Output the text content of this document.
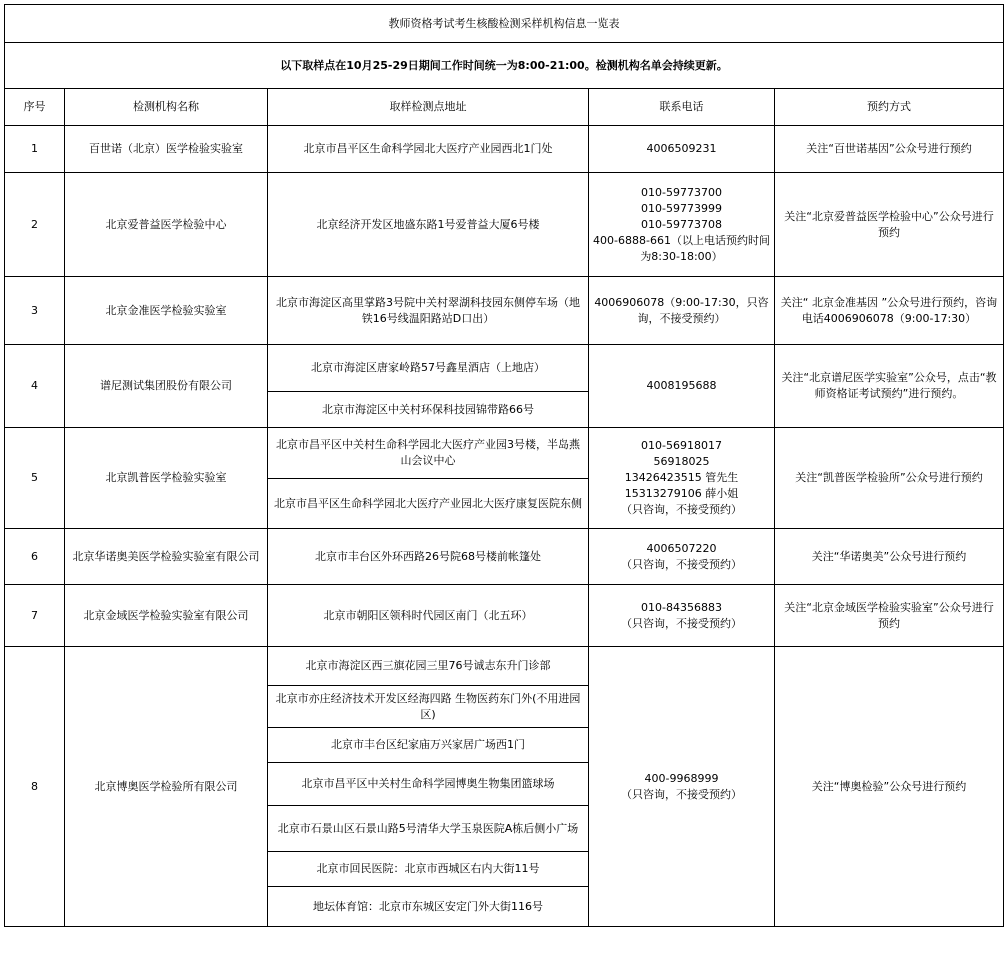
教师资格考试考生核酸检测采样机构信息一览表				
以下取样点在10月25-29日期间工作时间统一为8:00-21:00。检测机构名单会持续更新。				
序号	检测机构名称	取样检测点地址	联系电话	预约方式
1	百世诺（北京）医学检验实验室	北京市昌平区生命科学园北大医疗产业园西北1门处	4006509231	关注“百世诺基因”公众号进行预约
2	北京爱普益医学检验中心	北京经济开发区地盛东路1号爱普益大厦6号楼	010-59773700
010-59773999
010-59773708
400-6888-661（以上电话预约时间为8:30-18:00）	关注“北京爱普益医学检验中心”公众号进行预约
3	北京金准医学检验实验室	北京市海淀区高里掌路3号院中关村翠湖科技园东侧停车场（地铁16号线温阳路站D口出）	4006906078（9:00-17:30，只咨询，不接受预约）	关注“ 北京金准基因 ”公众号进行预约，咨询电话4006906078（9:00-17:30）
4	谱尼测试集团股份有限公司	北京市海淀区唐家岭路57号鑫星酒店（上地店）	4008195688	关注“北京谱尼医学实验室”公众号，点击“教师资格证考试预约”进行预约。
		北京市海淀区中关村环保科技园锦带路66号		
5	北京凯普医学检验实验室	北京市昌平区中关村生命科学园北大医疗产业园3号楼，半岛燕山会议中心	010-56918017
56918025
13426423515 管先生
15313279106 薛小姐
（只咨询，不接受预约）	关注“凯普医学检验所”公众号进行预约
		北京市昌平区生命科学园北大医疗产业园北大医疗康复医院东侧		
6	北京华诺奥美医学检验实验室有限公司	北京市丰台区外环西路26号院68号楼前帐篷处	4006507220
（只咨询，不接受预约）	关注“华诺奥美”公众号进行预约
7	北京金域医学检验实验室有限公司	北京市朝阳区领科时代园区南门（北五环）	010-84356883
（只咨询，不接受预约）	关注“北京金域医学检验实验室”公众号进行预约
8	北京博奥医学检验所有限公司	北京市海淀区西三旗花园三里76号诚志东升门诊部	400-9968999
（只咨询，不接受预约）	关注“博奥检验”公众号进行预约
		北京市亦庄经济技术开发区经海四路 生物医药东门外(不用进园区)		
		北京市丰台区纪家庙万兴家居广场西1门		
		北京市昌平区中关村生命科学园博奥生物集团篮球场		
		北京市石景山区石景山路5号清华大学玉泉医院A栋后侧小广场		
		北京市回民医院：北京市西城区右内大街11号		
		地坛体育馆：北京市东城区安定门外大街116号		
